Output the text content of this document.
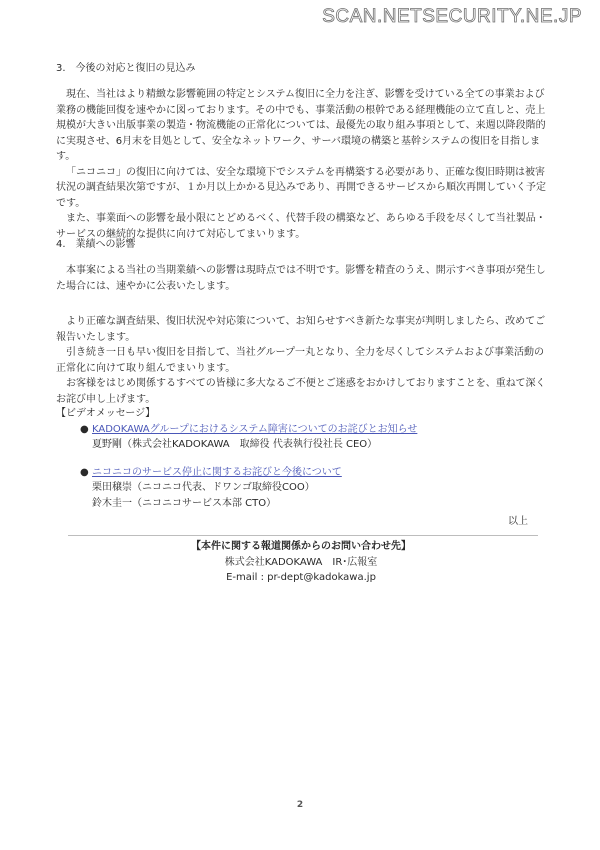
SCAN.NETSECURITY.NE.JP
3.　今後の対応と復旧の見込み

現在、当社はより精緻な影響範囲の特定とシステム復旧に全力を注ぎ、影響を受けている全ての事業および業務の機能回復を速やかに図っております。その中でも、事業活動の根幹である経理機能の立て直しと、売上規模が大きい出版事業の製造・物流機能の正常化については、最優先の取り組み事項として、来週以降段階的に実現させ、6月末を目処として、安全なネットワーク、サーバ環境の構築と基幹システムの復旧を目指します。

「ニコニコ」の復旧に向けては、安全な環境下でシステムを再構築する必要があり、正確な復旧時期は被害状況の調査結果次第ですが、１か月以上かかる見込みであり、再開できるサービスから順次再開していく予定です。

また、事業面への影響を最小限にとどめるべく、代替手段の構築など、あらゆる手段を尽くして当社製品・サービスの継続的な提供に向けて対応してまいります。

4.　業績への影響

本事案による当社の当期業績への影響は現時点では不明です。影響を精査のうえ、開示すべき事項が発生した場合には、速やかに公表いたします。

より正確な調査結果、復旧状況や対応策について、お知らせすべき新たな事実が判明しましたら、改めてご報告いたします。

引き続き一日も早い復旧を目指して、当社グループ一丸となり、全力を尽くしてシステムおよび事業活動の正常化に向けて取り組んでまいります。

お客様をはじめ関係するすべての皆様に多大なるご不便とご迷惑をおかけしておりますことを、重ねて深くお詫び申し上げます。

【ビデオメッセージ】
● KADOKAWAグループにおけるシステム障害についてのお詫びとお知らせ
夏野剛（株式会社KADOKAWA　取締役 代表執行役社長 CEO）
● ニコニコのサービス停止に関するお詫びと今後について
栗田穣崇（ニコニコ代表、ドワンゴ取締役COO）
鈴木圭一（ニコニコサービス本部 CTO）
以上
【本件に関する報道関係からのお問い合わせ先】
株式会社KADOKAWA　IR･広報室
E-mail : pr-dept@kadokawa.jp
2
